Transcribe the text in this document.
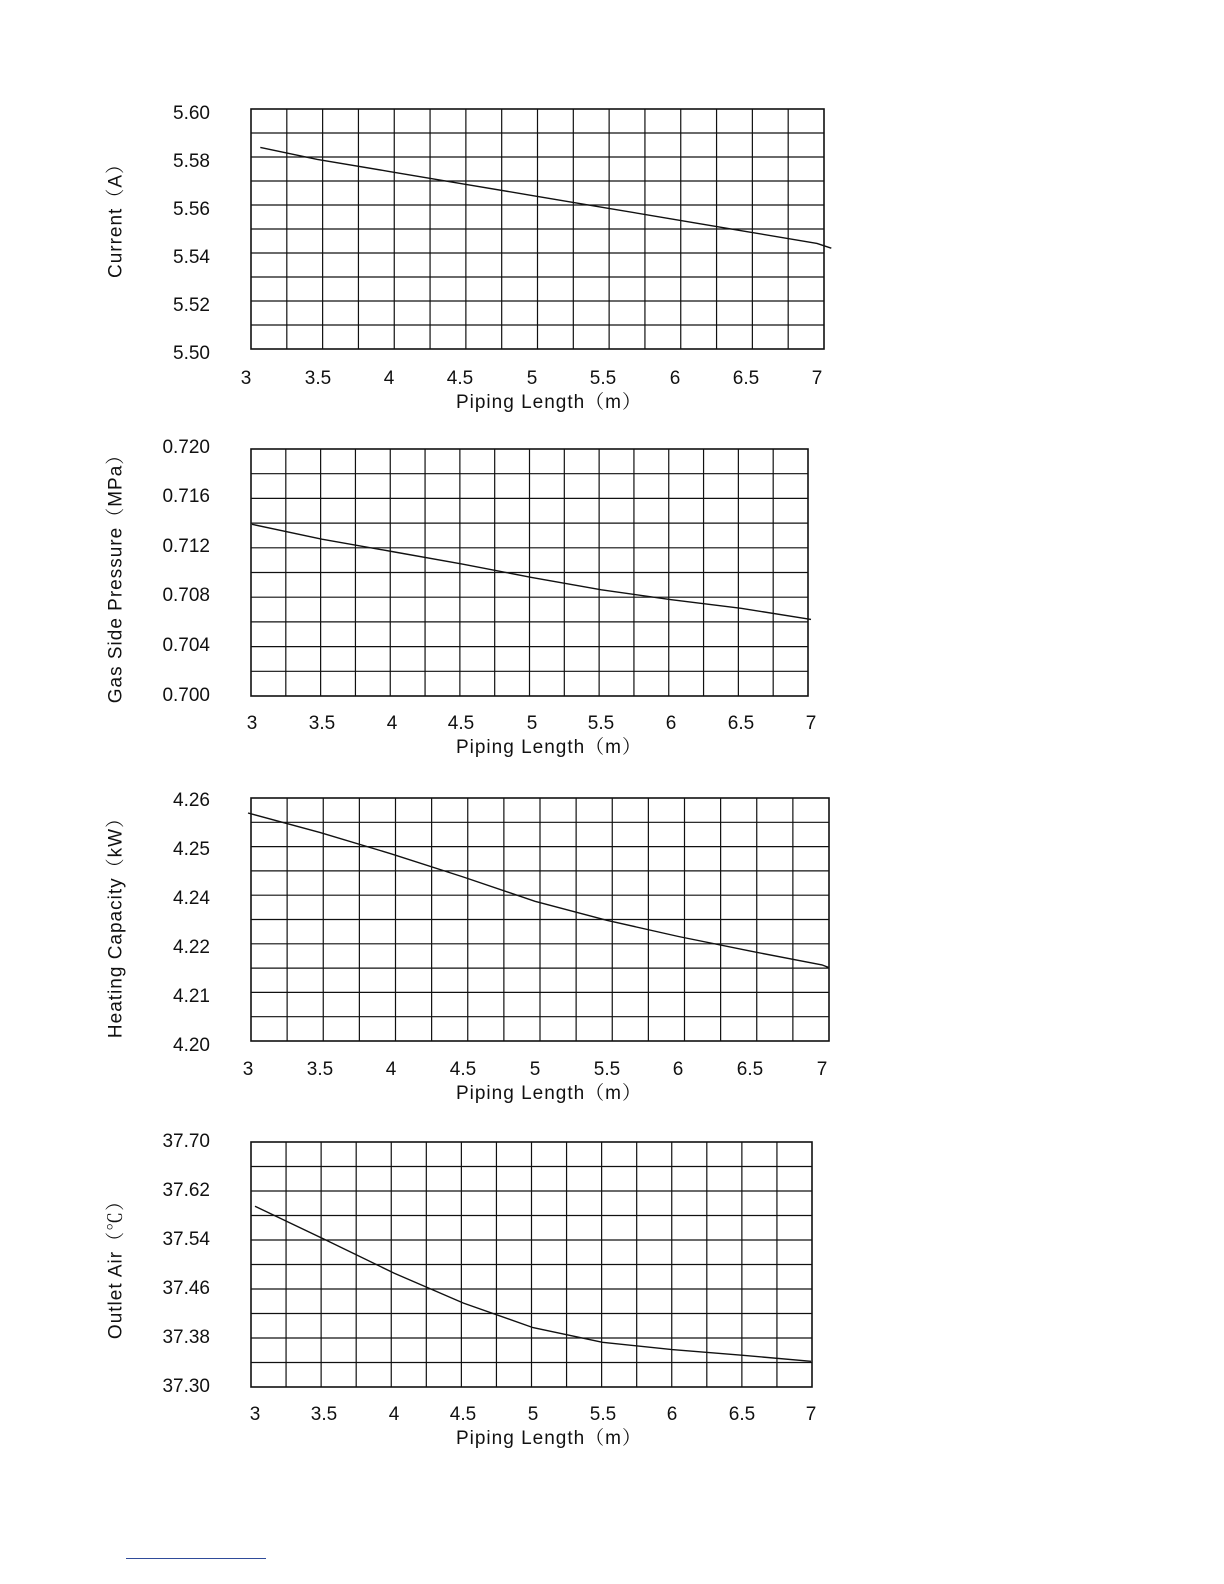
3	3.5	4	4.5	5	5.5	6	6.5	7
5.50
5.52
5.54
5.56
5.58
5.60
Piping Length（m）
Current（A）
3	3.5	4	4.5	5	5.5	6	6.5	7
0.700
0.704
0.708
0.712
0.716
0.720
Piping Length（m）
Gas Side Pressure（MPa）
3	3.5	4	4.5	5	5.5	6	6.5	7
4.20
4.21
4.22
4.24
4.25
4.26
Piping Length（m）
Heating Capacity（kW）
3	3.5	4	4.5	5	5.5	6	6.5	7
37.30
37.38
37.46
37.54
37.62
37.70
Piping Length（m）
Outlet Air（℃）
